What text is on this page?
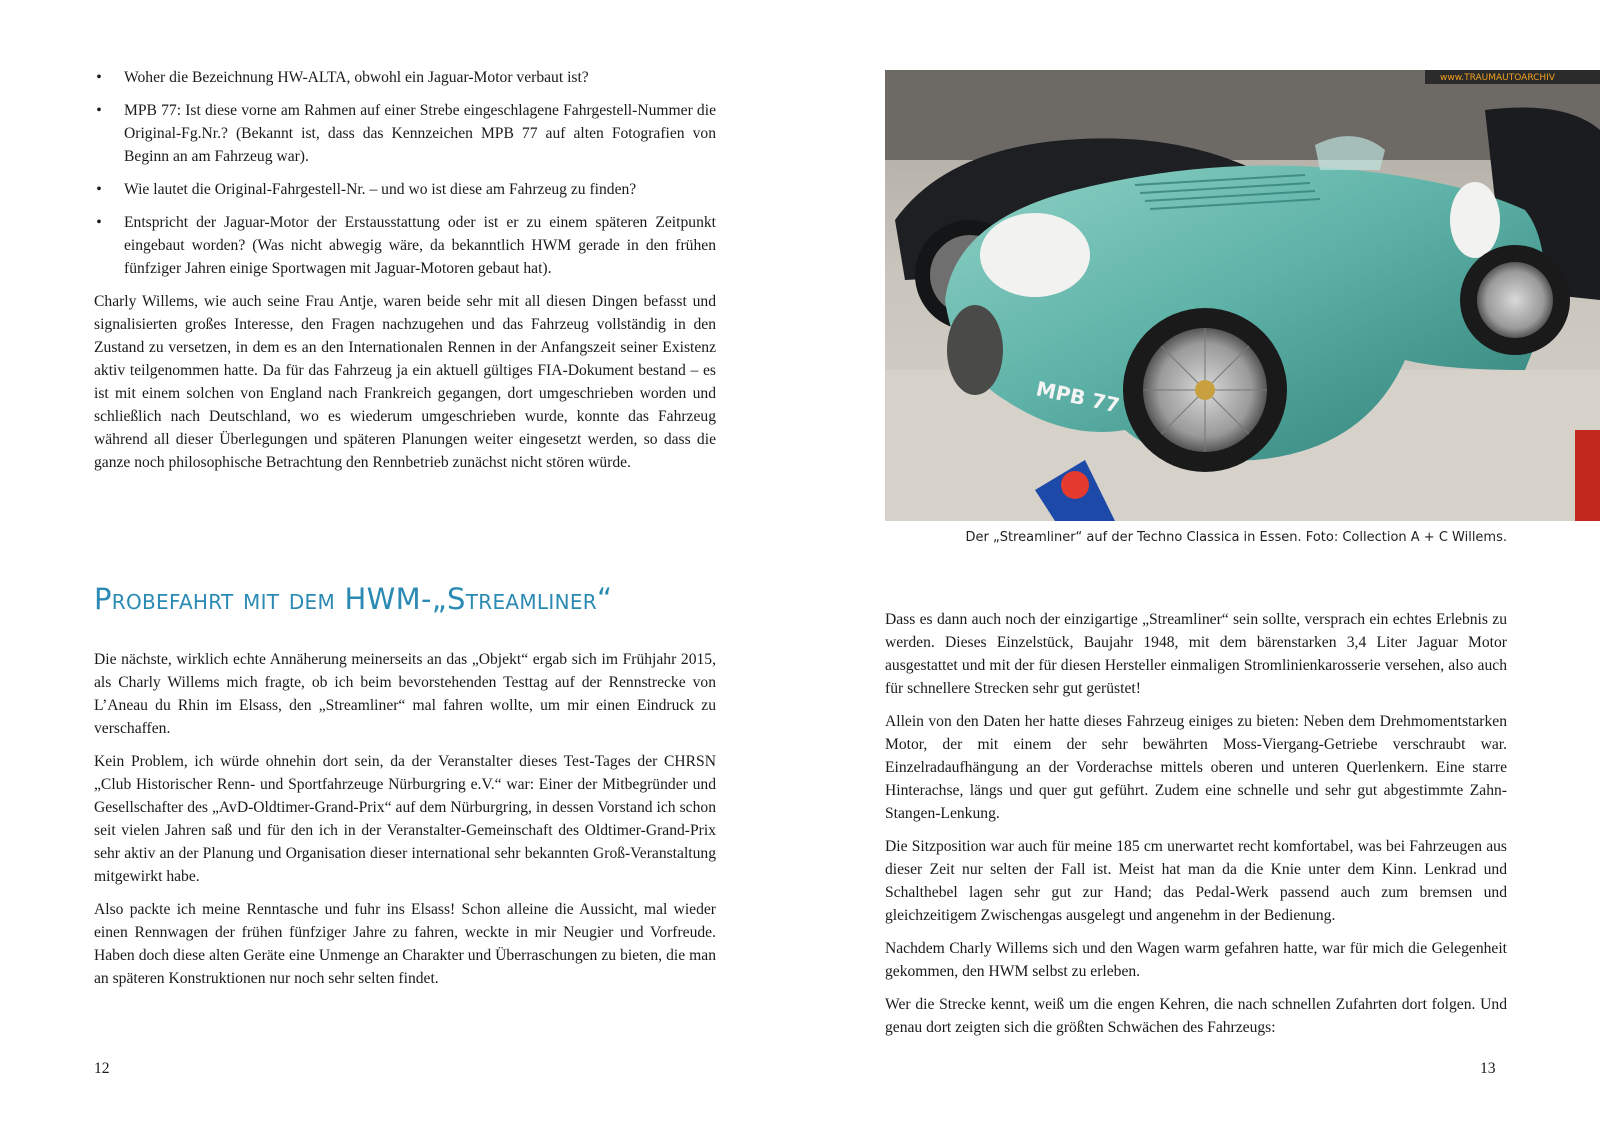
• Woher die Bezeichnung HW-ALTA, obwohl ein Jaguar-Motor verbaut ist?
• MPB 77: Ist diese vorne am Rahmen auf einer Strebe eingeschlagene Fahrgestell-Nummer die Original-Fg.Nr.? (Bekannt ist, dass das Kennzeichen MPB 77 auf alten Fotografien von Beginn an am Fahrzeug war).
• Wie lautet die Original-Fahrgestell-Nr. – und wo ist diese am Fahrzeug zu finden?
• Entspricht der Jaguar-Motor der Erstausstattung oder ist er zu einem späteren Zeitpunkt eingebaut worden? (Was nicht abwegig wäre, da bekanntlich HWM gerade in den frühen fünfziger Jahren einige Sportwagen mit Jaguar-Motoren gebaut hat).

Charly Willems, wie auch seine Frau Antje, waren beide sehr mit all diesen Dingen befasst und signalisierten großes Interesse, den Fragen nachzugehen und das Fahrzeug vollständig in den Zustand zu versetzen, in dem es an den Internationalen Rennen in der Anfangszeit seiner Existenz aktiv teilgenommen hatte. Da für das Fahrzeug ja ein aktuell gültiges FIA-Dokument bestand – es ist mit einem solchen von England nach Frankreich gegangen, dort umgeschrieben worden und schließlich nach Deutschland, wo es wiederum umgeschrieben wurde, konnte das Fahrzeug während all dieser Überlegungen und späteren Planungen weiter eingesetzt werden, so dass die ganze noch philosophische Betrachtung den Rennbetrieb zunächst nicht stören würde.

Probefahrt mit dem HWM-„Streamliner“

Die nächste, wirklich echte Annäherung meinerseits an das „Objekt“ ergab sich im Frühjahr 2015, als Charly Willems mich fragte, ob ich beim bevorstehenden Testtag auf der Rennstrecke von L’Aneau du Rhin im Elsass, den „Streamliner“ mal fahren wollte, um mir einen Eindruck zu verschaffen.

Kein Problem, ich würde ohnehin dort sein, da der Veranstalter dieses Test-Tages der CHRSN „Club Historischer Renn- und Sportfahrzeuge Nürburgring e.V.“ war: Einer der Mitbegründer und Gesellschafter des „AvD-Oldtimer-Grand-Prix“ auf dem Nürburgring, in dessen Vorstand ich schon seit vielen Jahren saß und für den ich in der Veranstalter-Gemeinschaft des Oldtimer-Grand-Prix sehr aktiv an der Planung und Organisation dieser international sehr bekannten Groß-Veranstaltung mitgewirkt habe.

Also packte ich meine Renntasche und fuhr ins Elsass! Schon alleine die Aussicht, mal wieder einen Rennwagen der frühen fünfziger Jahre zu fahren, weckte in mir Neugier und Vorfreude. Haben doch diese alten Geräte eine Unmenge an Charakter und Überraschungen zu bieten, die man an späteren Konstruktionen nur noch sehr selten findet.

12
www.TRAUMAUTOARCHIV
MPB 77
Der „Streamliner“ auf der Techno Classica in Essen. Foto: Collection A + C Willems.

Dass es dann auch noch der einzigartige „Streamliner“ sein sollte, versprach ein echtes Erlebnis zu werden. Dieses Einzelstück, Baujahr 1948, mit dem bärenstarken 3,4 Liter Jaguar Motor ausgestattet und mit der für diesen Hersteller einmaligen Stromlinienkarosserie versehen, also auch für schnellere Strecken sehr gut gerüstet!

Allein von den Daten her hatte dieses Fahrzeug einiges zu bieten: Neben dem Drehmomentstarken Motor, der mit einem der sehr bewährten Moss-Viergang-Getriebe verschraubt war. Einzelradaufhängung an der Vorderachse mittels oberen und unteren Querlenkern. Eine starre Hinterachse, längs und quer gut geführt. Zudem eine schnelle und sehr gut abgestimmte Zahn-Stangen-Lenkung.

Die Sitzposition war auch für meine 185 cm unerwartet recht komfortabel, was bei Fahrzeugen aus dieser Zeit nur selten der Fall ist. Meist hat man da die Knie unter dem Kinn. Lenkrad und Schalthebel lagen sehr gut zur Hand; das Pedal-Werk passend auch zum bremsen und gleichzeitigem Zwischengas ausgelegt und angenehm in der Bedienung.

Nachdem Charly Willems sich und den Wagen warm gefahren hatte, war für mich die Gelegenheit gekommen, den HWM selbst zu erleben.

Wer die Strecke kennt, weiß um die engen Kehren, die nach schnellen Zufahrten dort folgen. Und genau dort zeigten sich die größten Schwächen des Fahrzeugs:

13
